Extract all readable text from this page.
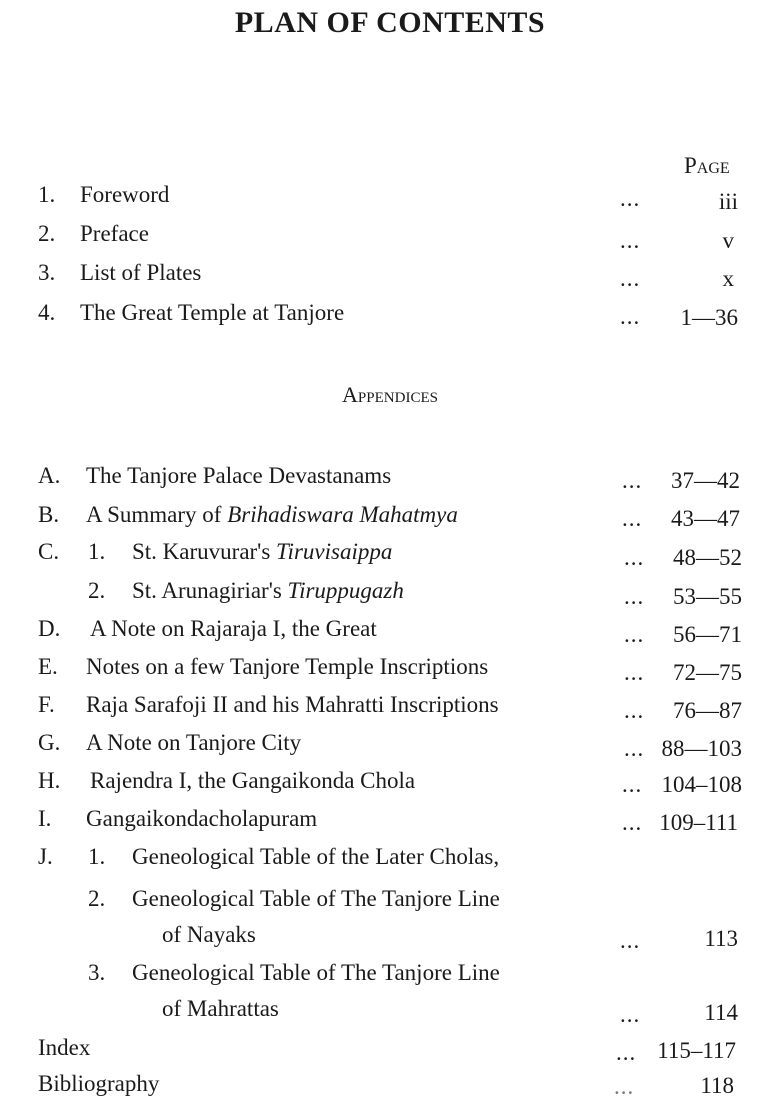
PLAN OF CONTENTS
Page
1. Foreword	...	iii
2. Preface	...	v
3. List of Plates	...	x
4. The Great Temple at Tanjore	... 1—36
Appendices
A. The Tanjore Palace Devastanams	... 37—42
B. A Summary of Brihadiswara Mahatmya	... 43—47
C. 1. St. Karuvurar's Tiruvisaippa	... 48—52
2. St. Arunagiriar's Tiruppugazh	... 53—55
D. A Note on Rajaraja I, the Great	... 56—71
E. Notes on a few Tanjore Temple Inscriptions	... 72—75
F. Raja Sarafoji II and his Mahratti Inscriptions	... 76—87
G. A Note on Tanjore City	... 88—103
H. Rajendra I, the Gangaikonda Chola	... 104–108
I. Gangaikondacholapuram	... 109–111
J. 1. Geneological Table of the Later Cholas,
2. Geneological Table of The Tanjore Line
of Nayaks	...	113
3. Geneological Table of The Tanjore Line
of Mahrattas	...	114
Index	... 115–117
Bibliography	...	118
